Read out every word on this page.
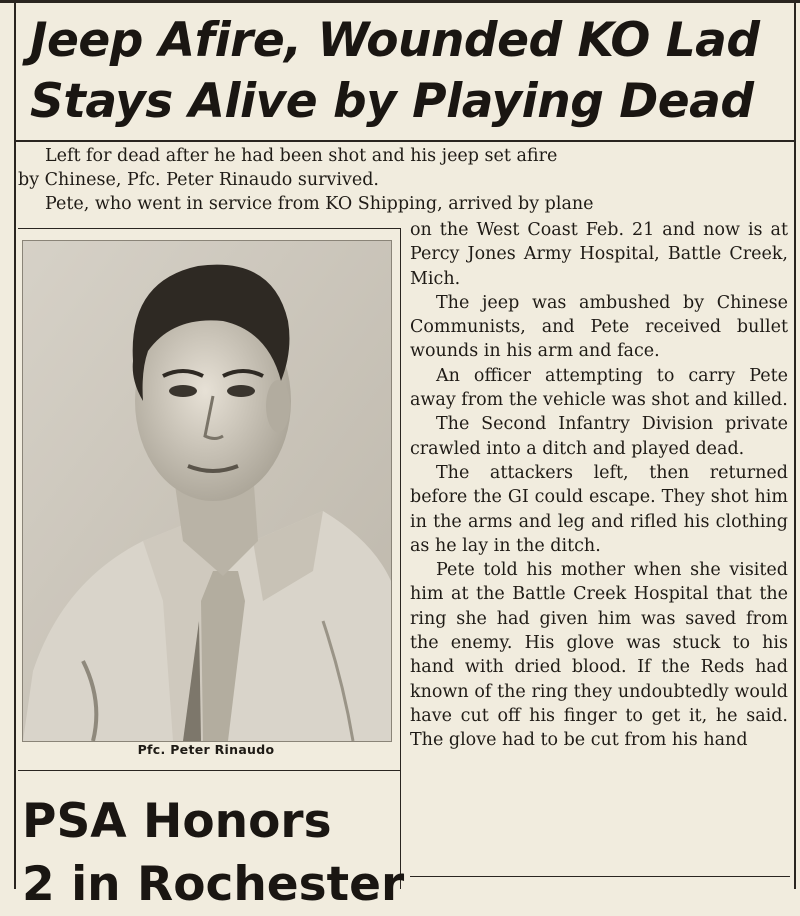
Jeep Afire, Wounded KO Lad
Stays Alive by Playing Dead
Left for dead after he had been shot and his jeep set afire
by Chinese, Pfc. Peter Rinaudo survived.
Pete, who went in service from KO Shipping, arrived by plane
Pfc. Peter Rinaudo

on the West Coast Feb. 21 and now is at Percy Jones Army Hospital, Battle Creek, Mich.

The jeep was ambushed by Chinese Communists, and Pete received bullet wounds in his arm and face.

An officer attempting to carry Pete away from the vehicle was shot and killed.

The Second Infantry Division private crawled into a ditch and played dead.

The attackers left, then returned before the GI could escape. They shot him in the arms and leg and rifled his clothing as he lay in the ditch.

Pete told his mother when she visited him at the Battle Creek Hospital that the ring she had given him was saved from the enemy. His glove was stuck to his hand with dried blood. If the Reds had known of the ring they undoubtedly would have cut off his finger to get it, he said. The glove had to be cut from his hand

PSA Honors
2 in Rochester
